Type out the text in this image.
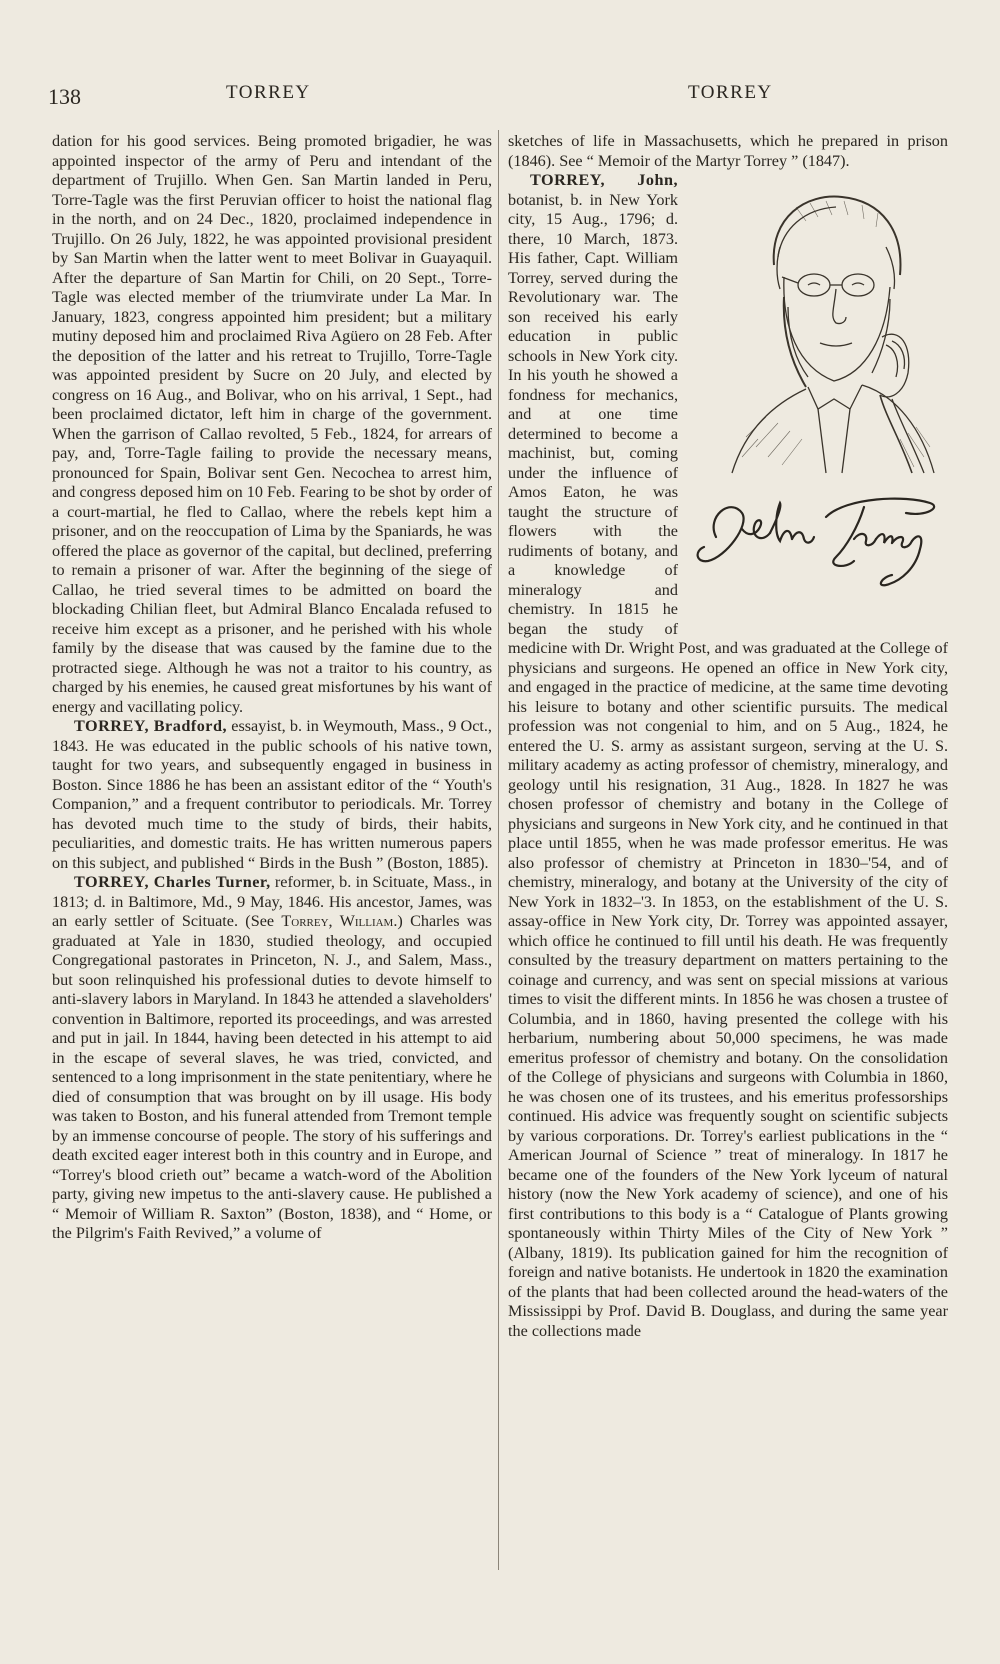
138	TORREY	TORREY

dation for his good services. Being promoted brigadier, he was appointed inspector of the army of Peru and intendant of the department of Trujillo. When Gen. San Martin landed in Peru, Torre-Tagle was the first Peruvian officer to hoist the national flag in the north, and on 24 Dec., 1820, proclaimed independence in Trujillo. On 26 July, 1822, he was appointed provisional president by San Martin when the latter went to meet Bolivar in Guayaquil. After the departure of San Martin for Chili, on 20 Sept., Torre-Tagle was elected member of the triumvirate under La Mar. In January, 1823, congress appointed him president; but a military mutiny deposed him and proclaimed Riva Agüero on 28 Feb. After the deposition of the latter and his retreat to Trujillo, Torre-Tagle was appointed president by Sucre on 20 July, and elected by congress on 16 Aug., and Bolivar, who on his arrival, 1 Sept., had been proclaimed dictator, left him in charge of the government. When the garrison of Callao revolted, 5 Feb., 1824, for arrears of pay, and, Torre-Tagle failing to provide the necessary means, pronounced for Spain, Bolivar sent Gen. Necochea to arrest him, and congress deposed him on 10 Feb. Fearing to be shot by order of a court-martial, he fled to Callao, where the rebels kept him a prisoner, and on the reoccupation of Lima by the Spaniards, he was offered the place as governor of the capital, but declined, preferring to remain a prisoner of war. After the beginning of the siege of Callao, he tried several times to be admitted on board the blockading Chilian fleet, but Admiral Blanco Encalada refused to receive him except as a prisoner, and he perished with his whole family by the disease that was caused by the famine due to the protracted siege. Although he was not a traitor to his country, as charged by his enemies, he caused great misfortunes by his want of energy and vacillating policy.

TORREY, Bradford, essayist, b. in Weymouth, Mass., 9 Oct., 1843. He was educated in the public schools of his native town, taught for two years, and subsequently engaged in business in Boston. Since 1886 he has been an assistant editor of the “ Youth's Companion,” and a frequent contributor to periodicals. Mr. Torrey has devoted much time to the study of birds, their habits, peculiarities, and domestic traits. He has written numerous papers on this subject, and published “ Birds in the Bush ” (Boston, 1885).

TORREY, Charles Turner, reformer, b. in Scituate, Mass., in 1813; d. in Baltimore, Md., 9 May, 1846. His ancestor, James, was an early settler of Scituate. (See Torrey, William.) Charles was graduated at Yale in 1830, studied theology, and occupied Congregational pastorates in Princeton, N. J., and Salem, Mass., but soon relinquished his professional duties to devote himself to anti-slavery labors in Maryland. In 1843 he attended a slaveholders' convention in Baltimore, reported its proceedings, and was arrested and put in jail. In 1844, having been detected in his attempt to aid in the escape of several slaves, he was tried, convicted, and sentenced to a long imprisonment in the state penitentiary, where he died of consumption that was brought on by ill usage. His body was taken to Boston, and his funeral attended from Tremont temple by an immense concourse of people. The story of his sufferings and death excited eager interest both in this country and in Europe, and “Torrey's blood crieth out” became a watch-word of the Abolition party, giving new impetus to the anti-slavery cause. He published a “ Memoir of William R. Saxton” (Boston, 1838), and “ Home, or the Pilgrim's Faith Revived,” a volume of

sketches of life in Massachusetts, which he prepared in prison (1846). See “ Memoir of the Martyr Torrey ” (1847).

TORREY, John,
botanist, b. in New York city, 15 Aug., 1796; d. there, 10 March, 1873. His father, Capt. William Torrey, served during the Revolutionary war. The son received his early education in public schools in New York city. In his youth he showed a fondness for mechanics, and at one time determined to become a machinist, but, coming under the influence of Amos Eaton, he was taught the structure of flowers with the rudiments of botany, and a knowledge of mineralogy and chemistry. In 1815 he began the study of medicine with Dr. Wright Post, and was graduated at the College of physicians and surgeons. He opened an office in New York city, and engaged in the practice of medicine, at the same time devoting his leisure to botany and other scientific pursuits. The medical profession was not congenial to him, and on 5 Aug., 1824, he entered the U. S. army as assistant surgeon, serving at the U. S. military academy as acting professor of chemistry, mineralogy, and geology until his resignation, 31 Aug., 1828. In 1827 he was chosen professor of chemistry and botany in the College of physicians and surgeons in New York city, and he continued in that place until 1855, when he was made professor emeritus. He was also professor of chemistry at Princeton in 1830–'54, and of chemistry, mineralogy, and botany at the University of the city of New York in 1832–'3. In 1853, on the establishment of the U. S. assay-office in New York city, Dr. Torrey was appointed assayer, which office he continued to fill until his death. He was frequently consulted by the treasury department on matters pertaining to the coinage and currency, and was sent on special missions at various times to visit the different mints. In 1856 he was chosen a trustee of Columbia, and in 1860, having presented the college with his herbarium, numbering about 50,000 specimens, he was made emeritus professor of chemistry and botany. On the consolidation of the College of physicians and surgeons with Columbia in 1860, he was chosen one of its trustees, and his emeritus professorships continued. His advice was frequently sought on scientific subjects by various corporations. Dr. Torrey's earliest publications in the “ American Journal of Science ” treat of mineralogy. In 1817 he became one of the founders of the New York lyceum of natural history (now the New York academy of science), and one of his first contributions to this body is a “ Catalogue of Plants growing spontaneously within Thirty Miles of the City of New York ” (Albany, 1819). Its publication gained for him the recognition of foreign and native botanists. He undertook in 1820 the examination of the plants that had been collected around the head-waters of the Mississippi by Prof. David B. Douglass, and during the same year the collections made
